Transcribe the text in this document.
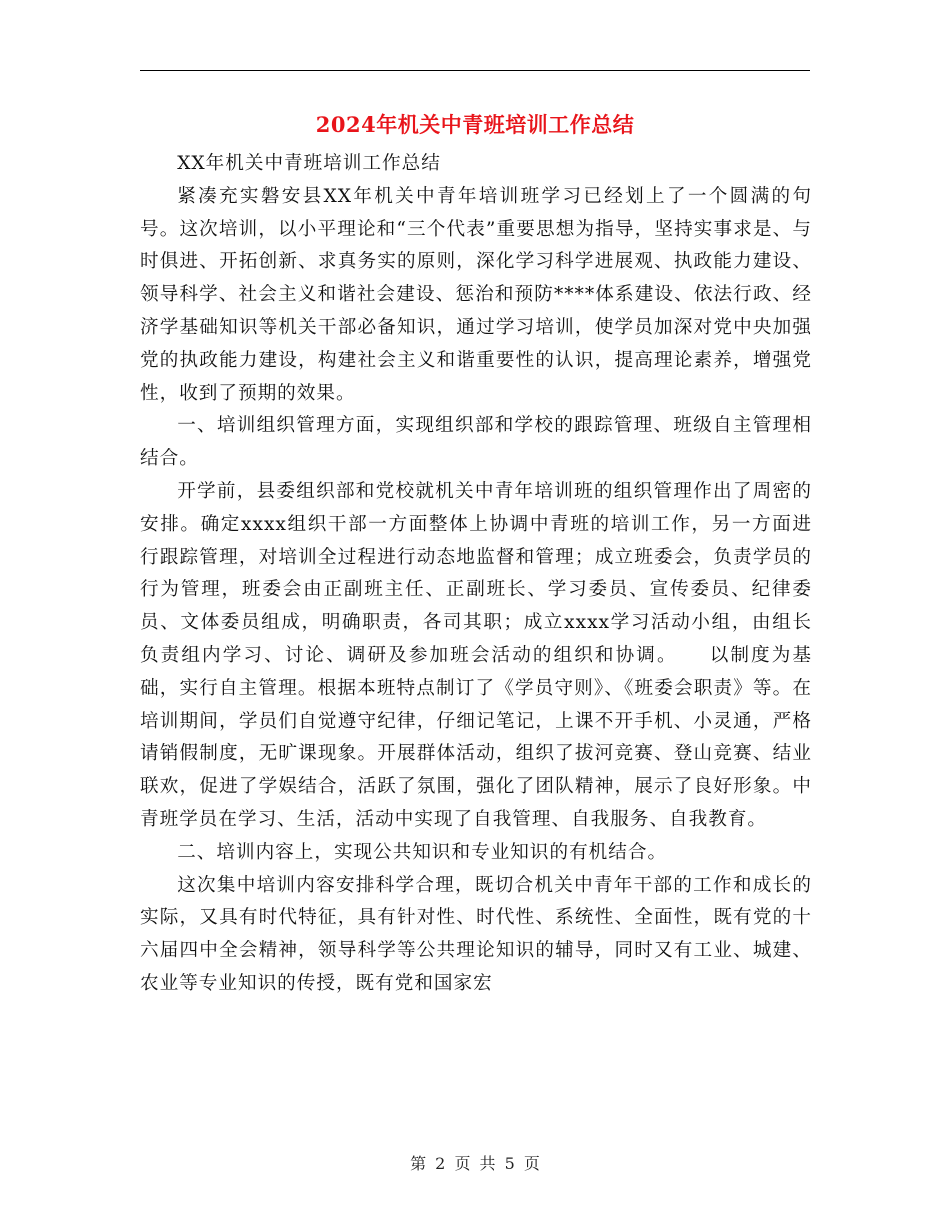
2024年机关中青班培训工作总结

XX年机关中青班培训工作总结

紧凑充实磐安县XX年机关中青年培训班学习已经划上了一个圆满的句号。这次培训，以小平理论和“三个代表”重要思想为指导，坚持实事求是、与时俱进、开拓创新、求真务实的原则，深化学习科学进展观、执政能力建设、领导科学、社会主义和谐社会建设、惩治和预防****体系建设、依法行政、经济学基础知识等机关干部必备知识，通过学习培训，使学员加深对党中央加强党的执政能力建设，构建社会主义和谐重要性的认识，提高理论素养，增强党性，收到了预期的效果。

一、培训组织管理方面，实现组织部和学校的跟踪管理、班级自主管理相结合。

开学前，县委组织部和党校就机关中青年培训班的组织管理作出了周密的安排。确定xxxx组织干部一方面整体上协调中青班的培训工作，另一方面进行跟踪管理，对培训全过程进行动态地监督和管理；成立班委会，负责学员的行为管理，班委会由正副班主任、正副班长、学习委员、宣传委员、纪律委员、文体委员组成，明确职责，各司其职；成立xxxx学习活动小组，由组长负责组内学习、讨论、调研及参加班会活动的组织和协调。　　以制度为基础，实行自主管理。根据本班特点制订了《学员守则》、《班委会职责》等。在培训期间，学员们自觉遵守纪律，仔细记笔记，上课不开手机、小灵通，严格请销假制度，无旷课现象。开展群体活动，组织了拔河竞赛、登山竞赛、结业联欢，促进了学娱结合，活跃了氛围，强化了团队精神，展示了良好形象。中青班学员在学习、生活，活动中实现了自我管理、自我服务、自我教育。

二、培训内容上，实现公共知识和专业知识的有机结合。

这次集中培训内容安排科学合理，既切合机关中青年干部的工作和成长的实际，又具有时代特征，具有针对性、时代性、系统性、全面性，既有党的十六届四中全会精神，领导科学等公共理论知识的辅导，同时又有工业、城建、农业等专业知识的传授，既有党和国家宏

第 2 页 共 5 页
